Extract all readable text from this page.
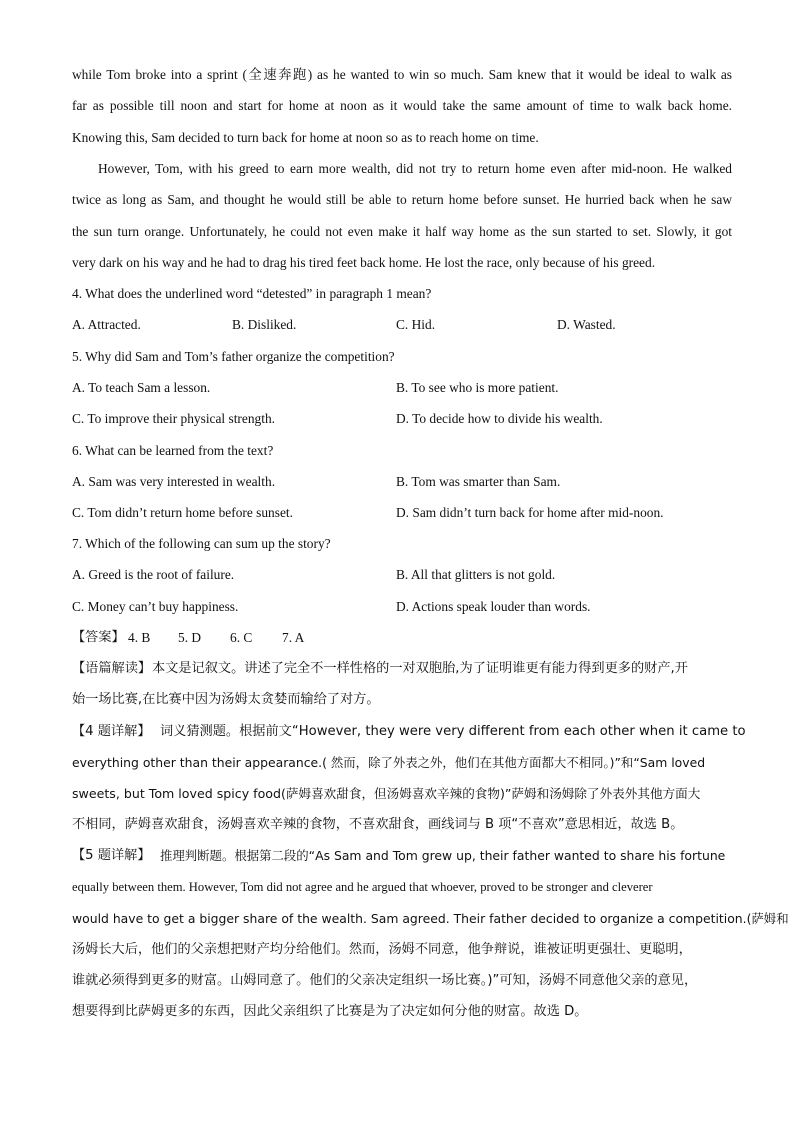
while Tom broke into a sprint (全速奔跑) as he wanted to win so much. Sam knew that it would be ideal to walk as
far as possible till noon and start for home at noon as it would take the same amount of time to walk back home.
Knowing this, Sam decided to turn back for home at noon so as to reach home on time.
However, Tom, with his greed to earn more wealth, did not try to return home even after mid-noon. He walked
twice as long as Sam, and thought he would still be able to return home before sunset. He hurried back when he saw
the sun turn orange. Unfortunately, he could not even make it half way home as the sun started to set. Slowly, it got
very dark on his way and he had to drag his tired feet back home. He lost the race, only because of his greed.
4. What does the underlined word “detested” in paragraph 1 mean?
A. Attracted.	B. Disliked.	C. Hid.	D. Wasted.
5. Why did Sam and Tom’s father organize the competition?
A. To teach Sam a lesson.	B. To see who is more patient.
C. To improve their physical strength.	D. To decide how to divide his wealth.
6. What can be learned from the text?
A. Sam was very interested in wealth.	B. Tom was smarter than Sam.
C. Tom didn’t return home before sunset.	D. Sam didn’t turn back for home after mid-noon.
7. Which of the following can sum up the story?
A. Greed is the root of failure.	B. All that glitters is not gold.
C. Money can’t buy happiness.	D. Actions speak louder than words.
【答案】 4. B 5. D 6. C 7. A
【语篇解读】 本文是记叙文。讲述了完全不一样性格的一对双胞胎,为了证明谁更有能力得到更多的财产,开
始一场比赛,在比赛中因为汤姆太贪婪而输给了对方。
【4 题详解】 词义猜测题。根据前文“However, they were very different from each other when it came to
everything other than their appearance.( 然而，除了外表之外，他们在其他方面都大不相同。)”和“Sam loved
sweets, but Tom loved spicy food(萨姆喜欢甜食，但汤姆喜欢辛辣的食物)”萨姆和汤姆除了外表外其他方面大
不相同，萨姆喜欢甜食，汤姆喜欢辛辣的食物，不喜欢甜食，画线词与 B 项“不喜欢”意思相近，故选 B。
【5 题详解】 推理判断题。根据第二段的“As Sam and Tom grew up, their father wanted to share his fortune
equally between them. However, Tom did not agree and he argued that whoever, proved to be stronger and cleverer
would have to get a bigger share of the wealth. Sam agreed. Their father decided to organize a competition.(萨姆和
汤姆长大后，他们的父亲想把财产均分给他们。然而，汤姆不同意，他争辩说，谁被证明更强壮、更聪明，
谁就必须得到更多的财富。山姆同意了。他们的父亲决定组织一场比赛。)”可知，汤姆不同意他父亲的意见，
想要得到比萨姆更多的东西，因此父亲组织了比赛是为了决定如何分他的财富。故选 D。
